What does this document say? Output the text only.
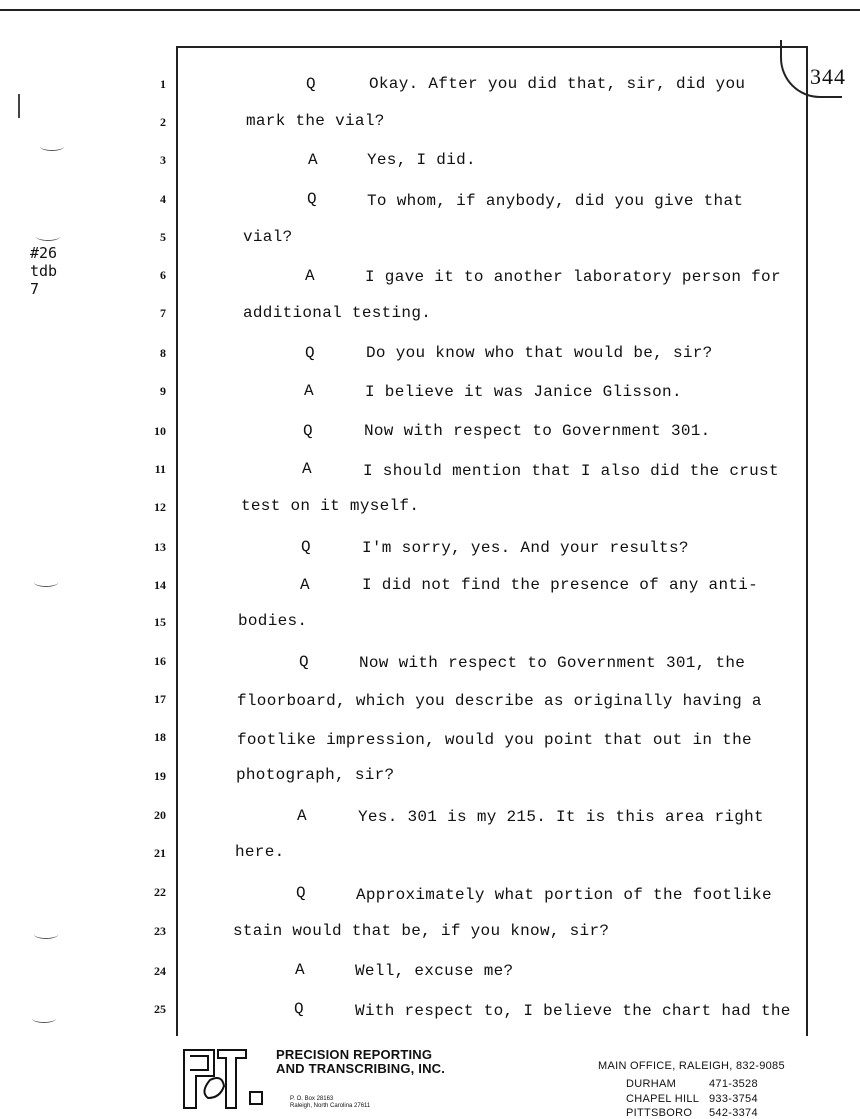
344
#26
tdb
7
1	Q	Okay. After you did that, sir, did you
2	mark the vial?
3	A	Yes, I did.
4	Q	To whom, if anybody, did you give that
5	vial?
6	A	I gave it to another laboratory person for
7	additional testing.
8	Q	Do you know who that would be, sir?
9	A	I believe it was Janice Glisson.
10	Q	Now with respect to Government 301.
11	A	I should mention that I also did the crust
12	test on it myself.
13	Q	I'm sorry, yes. And your results?
14	A	I did not find the presence of any anti-
15	bodies.
16	Q	Now with respect to Government 301, the
17	floorboard, which you describe as originally having a
18	footlike impression, would you point that out in the
19	photograph, sir?
20	A	Yes. 301 is my 215. It is this area right
21	here.
22	Q	Approximately what portion of the footlike
23	stain would that be, if you know, sir?
24	A	Well, excuse me?
25	Q	With respect to, I believe the chart had the
PRECISION REPORTING
AND TRANSCRIBING, INC.
P. O. Box 28163
Raleigh, North Carolina 27611
MAIN OFFICE, RALEIGH, 832-9085
DURHAM	471-3528
CHAPEL HILL 933-3754
PITTSBORO 542-3374
